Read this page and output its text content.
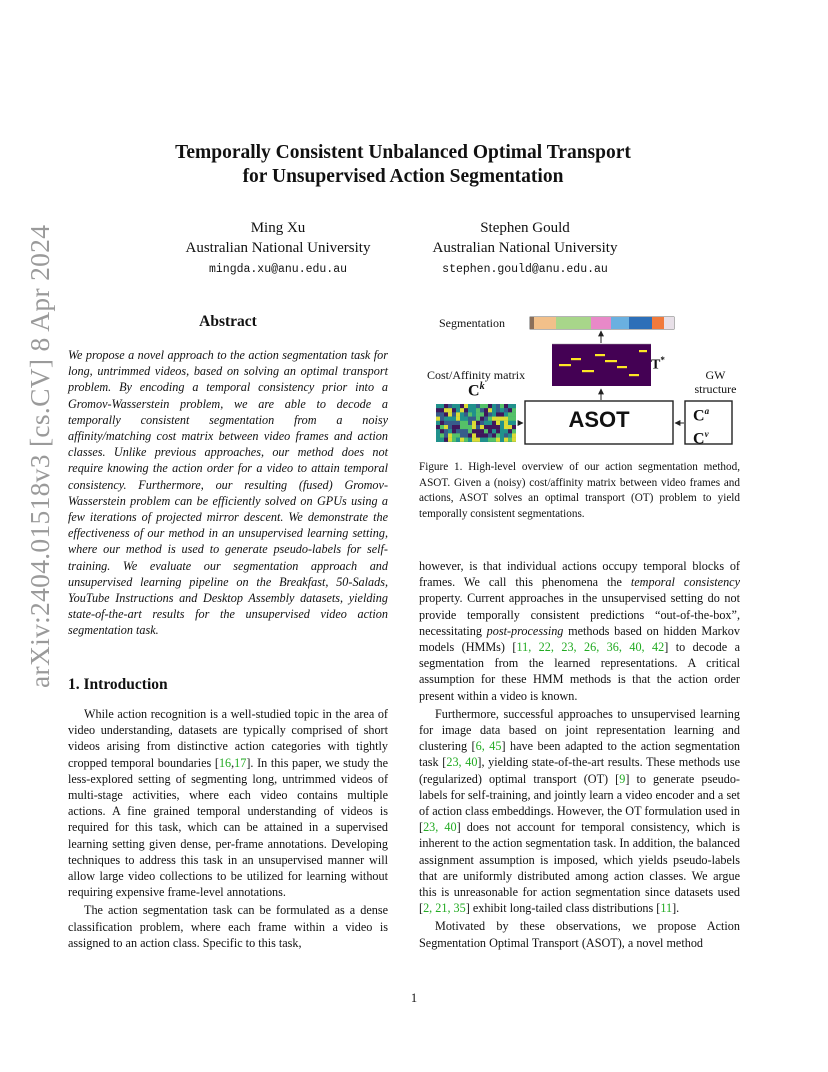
arXiv:2404.01518v3 [cs.CV] 8 Apr 2024
Temporally Consistent Unbalanced Optimal Transport
for Unsupervised Action Segmentation
Ming Xu
Australian National University
mingda.xu@anu.edu.au
Stephen Gould
Australian National University
stephen.gould@anu.edu.au
Abstract
We propose a novel approach to the action segmentation task for long, untrimmed videos, based on solving an optimal transport problem. By encoding a temporal consistency prior into a Gromov-Wasserstein problem, we are able to decode a temporally consistent segmentation from a noisy affinity/matching cost matrix between video frames and action classes. Unlike previous approaches, our method does not require knowing the action order for a video to attain temporal consistency. Furthermore, our resulting (fused) Gromov-Wasserstein problem can be efficiently solved on GPUs using a few iterations of projected mirror descent. We demonstrate the effectiveness of our method in an unsupervised learning setting, where our method is used to generate pseudo-labels for self-training. We evaluate our segmentation approach and unsupervised learning pipeline on the Breakfast, 50-Salads, YouTube Instructions and Desktop Assembly datasets, yielding state-of-the-art results for the unsupervised video action segmentation task.
1. Introduction

While action recognition is a well-studied topic in the area of video understanding, datasets are typically comprised of short videos arising from distinctive action categories with tightly cropped temporal boundaries [16,17]. In this paper, we study the less-explored setting of segmenting long, untrimmed videos of multi-stage activities, where each video contains multiple actions. A fine grained temporal understanding of videos is required for this task, which can be attained in a supervised learning setting given dense, per-frame annotations. Developing techniques to address this task in an unsupervised manner will allow large video collections to be utilized for learning without requiring expensive frame-level annotations.

The action segmentation task can be formulated as a dense classification problem, where each frame within a video is assigned to an action class. Specific to this task,

Segmentation
Cost/Affinity matrix
$C^k$
T*
GW
structure
ASOT	$C^a$
$C^v$
Figure 1. High-level overview of our action segmentation method, ASOT. Given a (noisy) cost/affinity matrix between video frames and actions, ASOT solves an optimal transport (OT) problem to yield temporally consistent segmentations.

however, is that individual actions occupy temporal blocks of frames. We call this phenomena the temporal consistency property. Current approaches in the unsupervised setting do not provide temporally consistent predictions “out-of-the-box”, necessitating post-processing methods based on hidden Markov models (HMMs) [11, 22, 23, 26, 36, 40, 42] to decode a segmentation from the learned representations. A critical assumption for these HMM methods is that the action order present within a video is known.

Furthermore, successful approaches to unsupervised learning for image data based on joint representation learning and clustering [6, 45] have been adapted to the action segmentation task [23, 40], yielding state-of-the-art results. These methods use (regularized) optimal transport (OT) [9] to generate pseudo-labels for self-training, and jointly learn a video encoder and a set of action class embeddings. However, the OT formulation used in [23, 40] does not account for temporal consistency, which is inherent to the action segmentation task. In addition, the balanced assignment assumption is imposed, which yields pseudo-labels that are uniformly distributed among action classes. We argue this is unreasonable for action segmentation since datasets used [2, 21, 35] exhibit long-tailed class distributions [11].

Motivated by these observations, we propose Action Segmentation Optimal Transport (ASOT), a novel method

1
